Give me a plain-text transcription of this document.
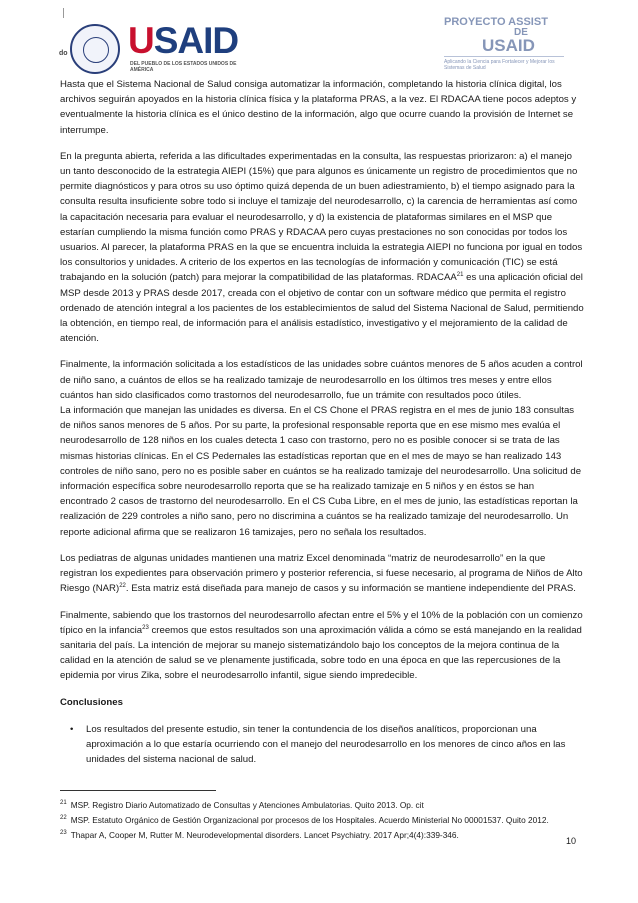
do USAID
DEL PUEBLO DE LOS ESTADOS UNIDOS DE AMÉRICA
PROYECTO ASSIST
DE
USAID
Aplicando la Ciencia para Fortalecer y Mejorar los Sistemas de Salud

Hasta que el Sistema Nacional de Salud consiga automatizar la información, completando la historia clínica digital, los archivos seguirán apoyados en la historia clínica física y la plataforma PRAS, a la vez. El RDACAA tiene pocos adeptos y eventualmente la historia clínica es el único destino de la información, algo que ocurre cuando la provisión de Internet se interrumpe.

En la pregunta abierta, referida a las dificultades experimentadas en la consulta, las respuestas priorizaron: a) el manejo un tanto desconocido de la estrategia AIEPI (15%) que para algunos es únicamente un registro de procedimientos que no permite diagnósticos y para otros su uso óptimo quizá dependa de un buen adiestramiento, b) el tiempo asignado para la consulta resulta insuficiente sobre todo si incluye el tamizaje del neurodesarrollo, c) la carencia de herramientas así como la capacitación necesaria para evaluar el neurodesarrollo, y d) la existencia de plataformas similares en el MSP que estarían cumpliendo la misma función como PRAS y RDACAA pero cuyas prestaciones no son conocidas por todos los usuarios. Al parecer, la plataforma PRAS en la que se encuentra incluida la estrategia AIEPI no funciona por igual en todos los consultorios y unidades. A criterio de los expertos en las tecnologías de información y comunicación (TIC) se está trabajando en la solución (patch) para mejorar la compatibilidad de las plataformas. RDACAA$^{21}$ es una aplicación oficial del MSP desde 2013 y PRAS desde 2017, creada con el objetivo de contar con un software médico que permita el registro ordenado de atención integral a los pacientes de los establecimientos de salud del Sistema Nacional de Salud, permitiendo la obtención, en tiempo real, de información para el análisis estadístico, investigativo y el mejoramiento de la calidad de atención.

Finalmente, la información solicitada a los estadísticos de las unidades sobre cuántos menores de 5 años acuden a control de niño sano, a cuántos de ellos se ha realizado tamizaje de neurodesarrollo en los últimos tres meses y entre ellos cuántos han sido clasificados como trastornos del neurodesarrollo, fue un trámite con resultados poco útiles.
La información que manejan las unidades es diversa. En el CS Chone el PRAS registra en el mes de junio 183 consultas de niños sanos menores de 5 años. Por su parte, la profesional responsable reporta que en ese mismo mes evalúa el neurodesarrollo de 128 niños en los cuales detecta 1 caso con trastorno, pero no es posible conocer si se trata de las mismas historias clínicas. En el CS Pedernales las estadísticas reportan que en el mes de mayo se han realizado 143 controles de niño sano, pero no es posible saber en cuántos se ha realizado tamizaje del neurodesarrollo. Una solicitud de información específica sobre neurodesarrollo reporta que se ha realizado tamizaje en 5 niños y en éstos se han encontrado 2 casos de trastorno del neurodesarrollo. En el CS Cuba Libre, en el mes de junio, las estadísticas reportan la realización de 229 controles a niño sano, pero no discrimina a cuántos se ha realizado tamizaje del neurodesarrollo. Un reporte adicional afirma que se realizaron 16 tamizajes, pero no señala los resultados.

Los pediatras de algunas unidades mantienen una matriz Excel denominada “matriz de neurodesarrollo” en la que registran los expedientes para observación primero y posterior referencia, si fuese necesario, al programa de Niños de Alto Riesgo (NAR)$^{22}$. Esta matriz está diseñada para manejo de casos y su información se mantiene independiente del PRAS.

Finalmente, sabiendo que los trastornos del neurodesarrollo afectan entre el 5% y el 10% de la población con un comienzo típico en la infancia$^{23}$ creemos que estos resultados son una aproximación válida a cómo se está manejando en la realidad sanitaria del país. La intención de mejorar su manejo sistematizándolo bajo los conceptos de la mejora continua de la calidad en la atención de salud se ve plenamente justificada, sobre todo en una época en que las repercusiones de la epidemia por virus Zika, sobre el neurodesarrollo infantil, sigue siendo impredecible.

Conclusiones
• Los resultados del presente estudio, sin tener la contundencia de los diseños analíticos, proporcionan una aproximación a lo que estaría ocurriendo con el manejo del neurodesarrollo en los menores de cinco años en las unidades del sistema nacional de salud.
$^{21}$ MSP. Registro Diario Automatizado de Consultas y Atenciones Ambulatorias. Quito 2013. Op. cit
$^{22}$ MSP. Estatuto Orgánico de Gestión Organizacional por procesos de los Hospitales. Acuerdo Ministerial No 00001537. Quito 2012.
$^{23}$ Thapar A, Cooper M, Rutter M. Neurodevelopmental disorders. Lancet Psychiatry. 2017 Apr;4(4):339-346.
10
